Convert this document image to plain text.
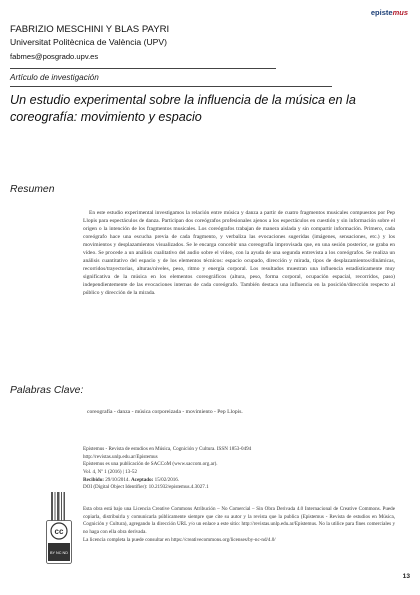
epistemus
FABRIZIO MESCHINI Y BLAS PAYRI
Universitat Politècnica de València (UPV)
fabmes@posgrado.upv.es
Artículo de investigación
Un estudio experimental sobre la influencia de la música en la coreografía: movimiento y espacio
Resumen

En este estudio experimental investigamos la relación entre música y danza a partir de cuatro fragmentos musicales compuestos por Pep Llopis para espectáculos de danza. Participan dos coreógrafos profesionales ajenos a los espectáculos en cuestión y sin información sobre el origen o la intención de los fragmentos musicales. Los coreógrafos trabajan de manera aislada y sin compartir información. Primero, cada coreógrafo hace una escucha previa de cada fragmento, y verbaliza las evocaciones sugeridas (imágenes, sensaciones, etc.) y los movimientos y desplazamientos visualizados. Se le encarga concebir una coreografía improvisada que, en una sesión posterior, se graba en vídeo. Se procede a un análisis cualitativo del audio sobre el vídeo, con la ayuda de una segunda entrevista a los coreógrafos. Se realiza un análisis cuantitativo del espacio y de los elementos técnicos: espacio ocupado, dirección y mirada, tipos de desplazamientos/dinámicas, recorridos/trayectorias, alturas/niveles, peso, ritmo y energía corporal. Los resultados muestran una influencia estadísticamente muy significativa de la música en los elementos coreográficos (altura, peso, forma corporal, ocupación espacial, recorridos, paso) independientemente de las evocaciones internas de cada coreógrafo. También destaca una influencia en la posición/dirección respecto al público y dirección de la mirada.

Palabras Clave:
coreografía - danza - música corporeizada - movimiento - Pep Llopis.
Epistemus - Revista de estudios en Música, Cognición y Cultura. ISSN 1853-0494
http://revistas.unlp.edu.ar/Epistemus
Epistemus es una publicación de SACCoM (www.saccom.org.ar).
Vol. 4, Nº 1 (2016) | 13-52
Recibido: 29/10/2014. Aceptado: 15/02/2016.
DOI (Digital Object Identifier): 10.21932/epistemus.4.3027.1
cc
BY NC ND

Esta obra está bajo una Licencia Creative Commons Atribución – No Comercial – Sin Obra Derivada 4.0 Internacional de Creative Commons. Puede copiarla, distribuirla y comunicarla públicamente siempre que cite su autor y la revista que la publica (Epistemus - Revista de estudios en Música, Cognición y Cultura), agregando la dirección URL y/o un enlace a este sitio: http://revistas.unlp.edu.ar/Epistemus. No la utilice para fines comerciales y no haga con ella obra derivada.

La licencia completa la puede consultar en https://creativecommons.org/licenses/by-nc-nd/4.0/

13
